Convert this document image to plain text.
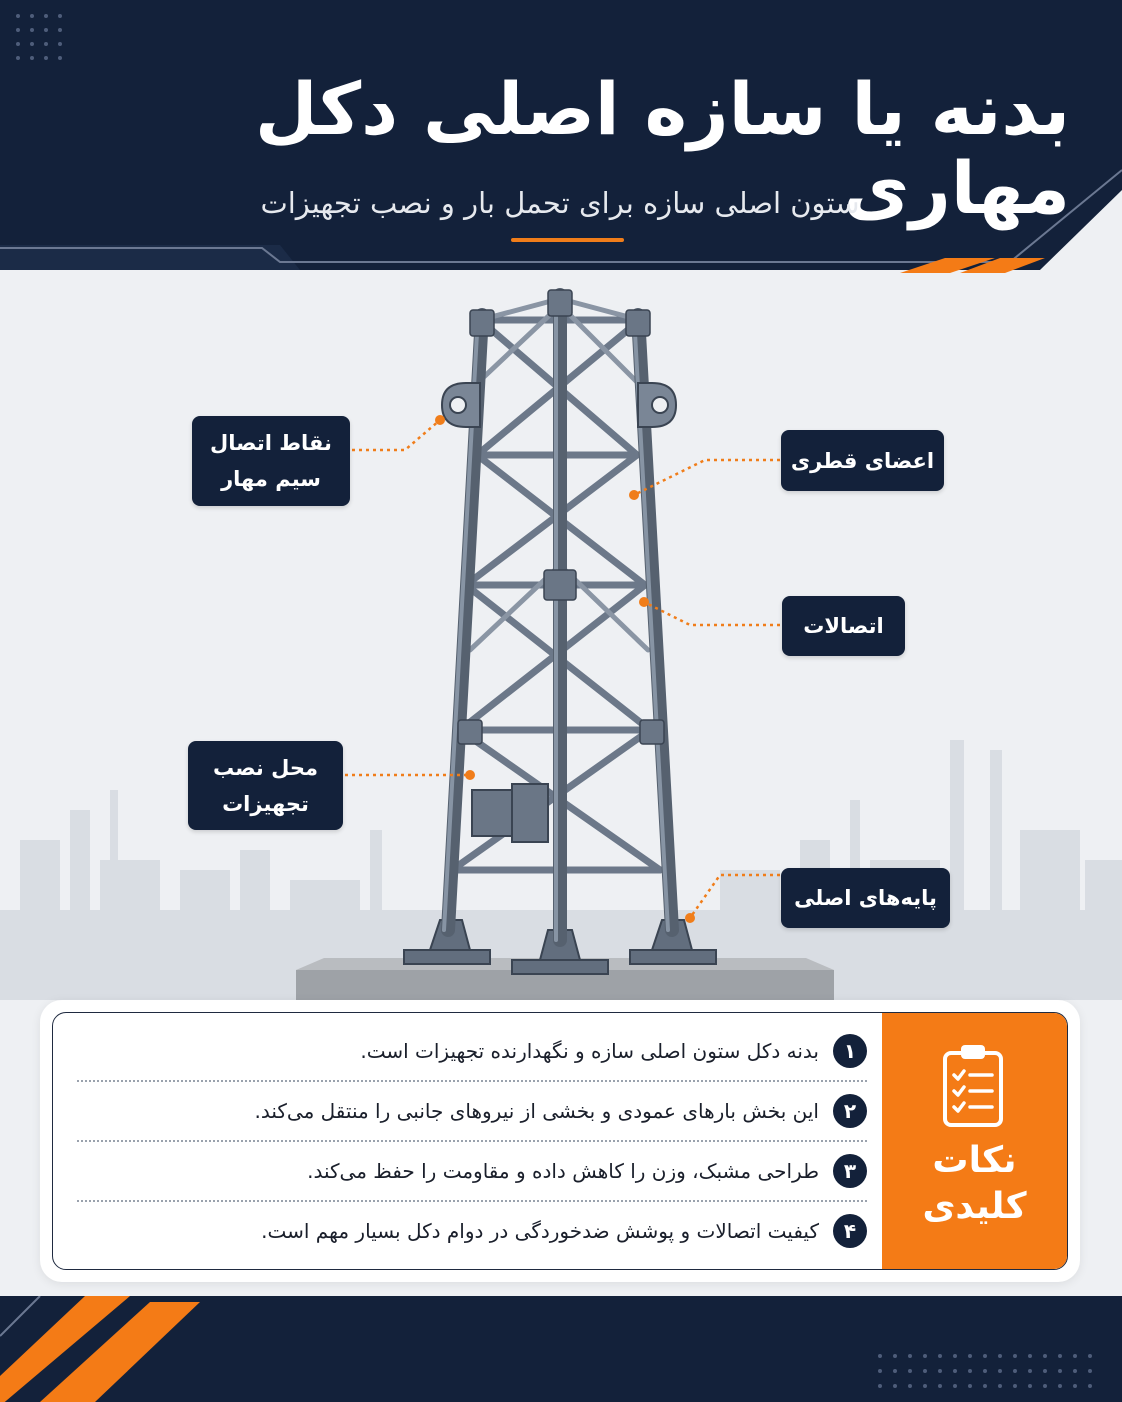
بدنه یا سازه اصلی دکل مهاری
ستون اصلی سازه برای تحمل بار و نصب تجهیزات
نقاط اتصال سیم مهار
اعضای قطری
اتصالات
محل نصب تجهیزات
پایه‌های اصلی
نکات کلیدی
۱
بدنه دکل ستون اصلی سازه و نگهدارنده تجهیزات است.
۲
این بخش بارهای عمودی و بخشی از نیروهای جانبی را منتقل می‌کند.
۳
طراحی مشبک، وزن را کاهش داده و مقاومت را حفظ می‌کند.
۴
کیفیت اتصالات و پوشش ضدخوردگی در دوام دکل بسیار مهم است.
